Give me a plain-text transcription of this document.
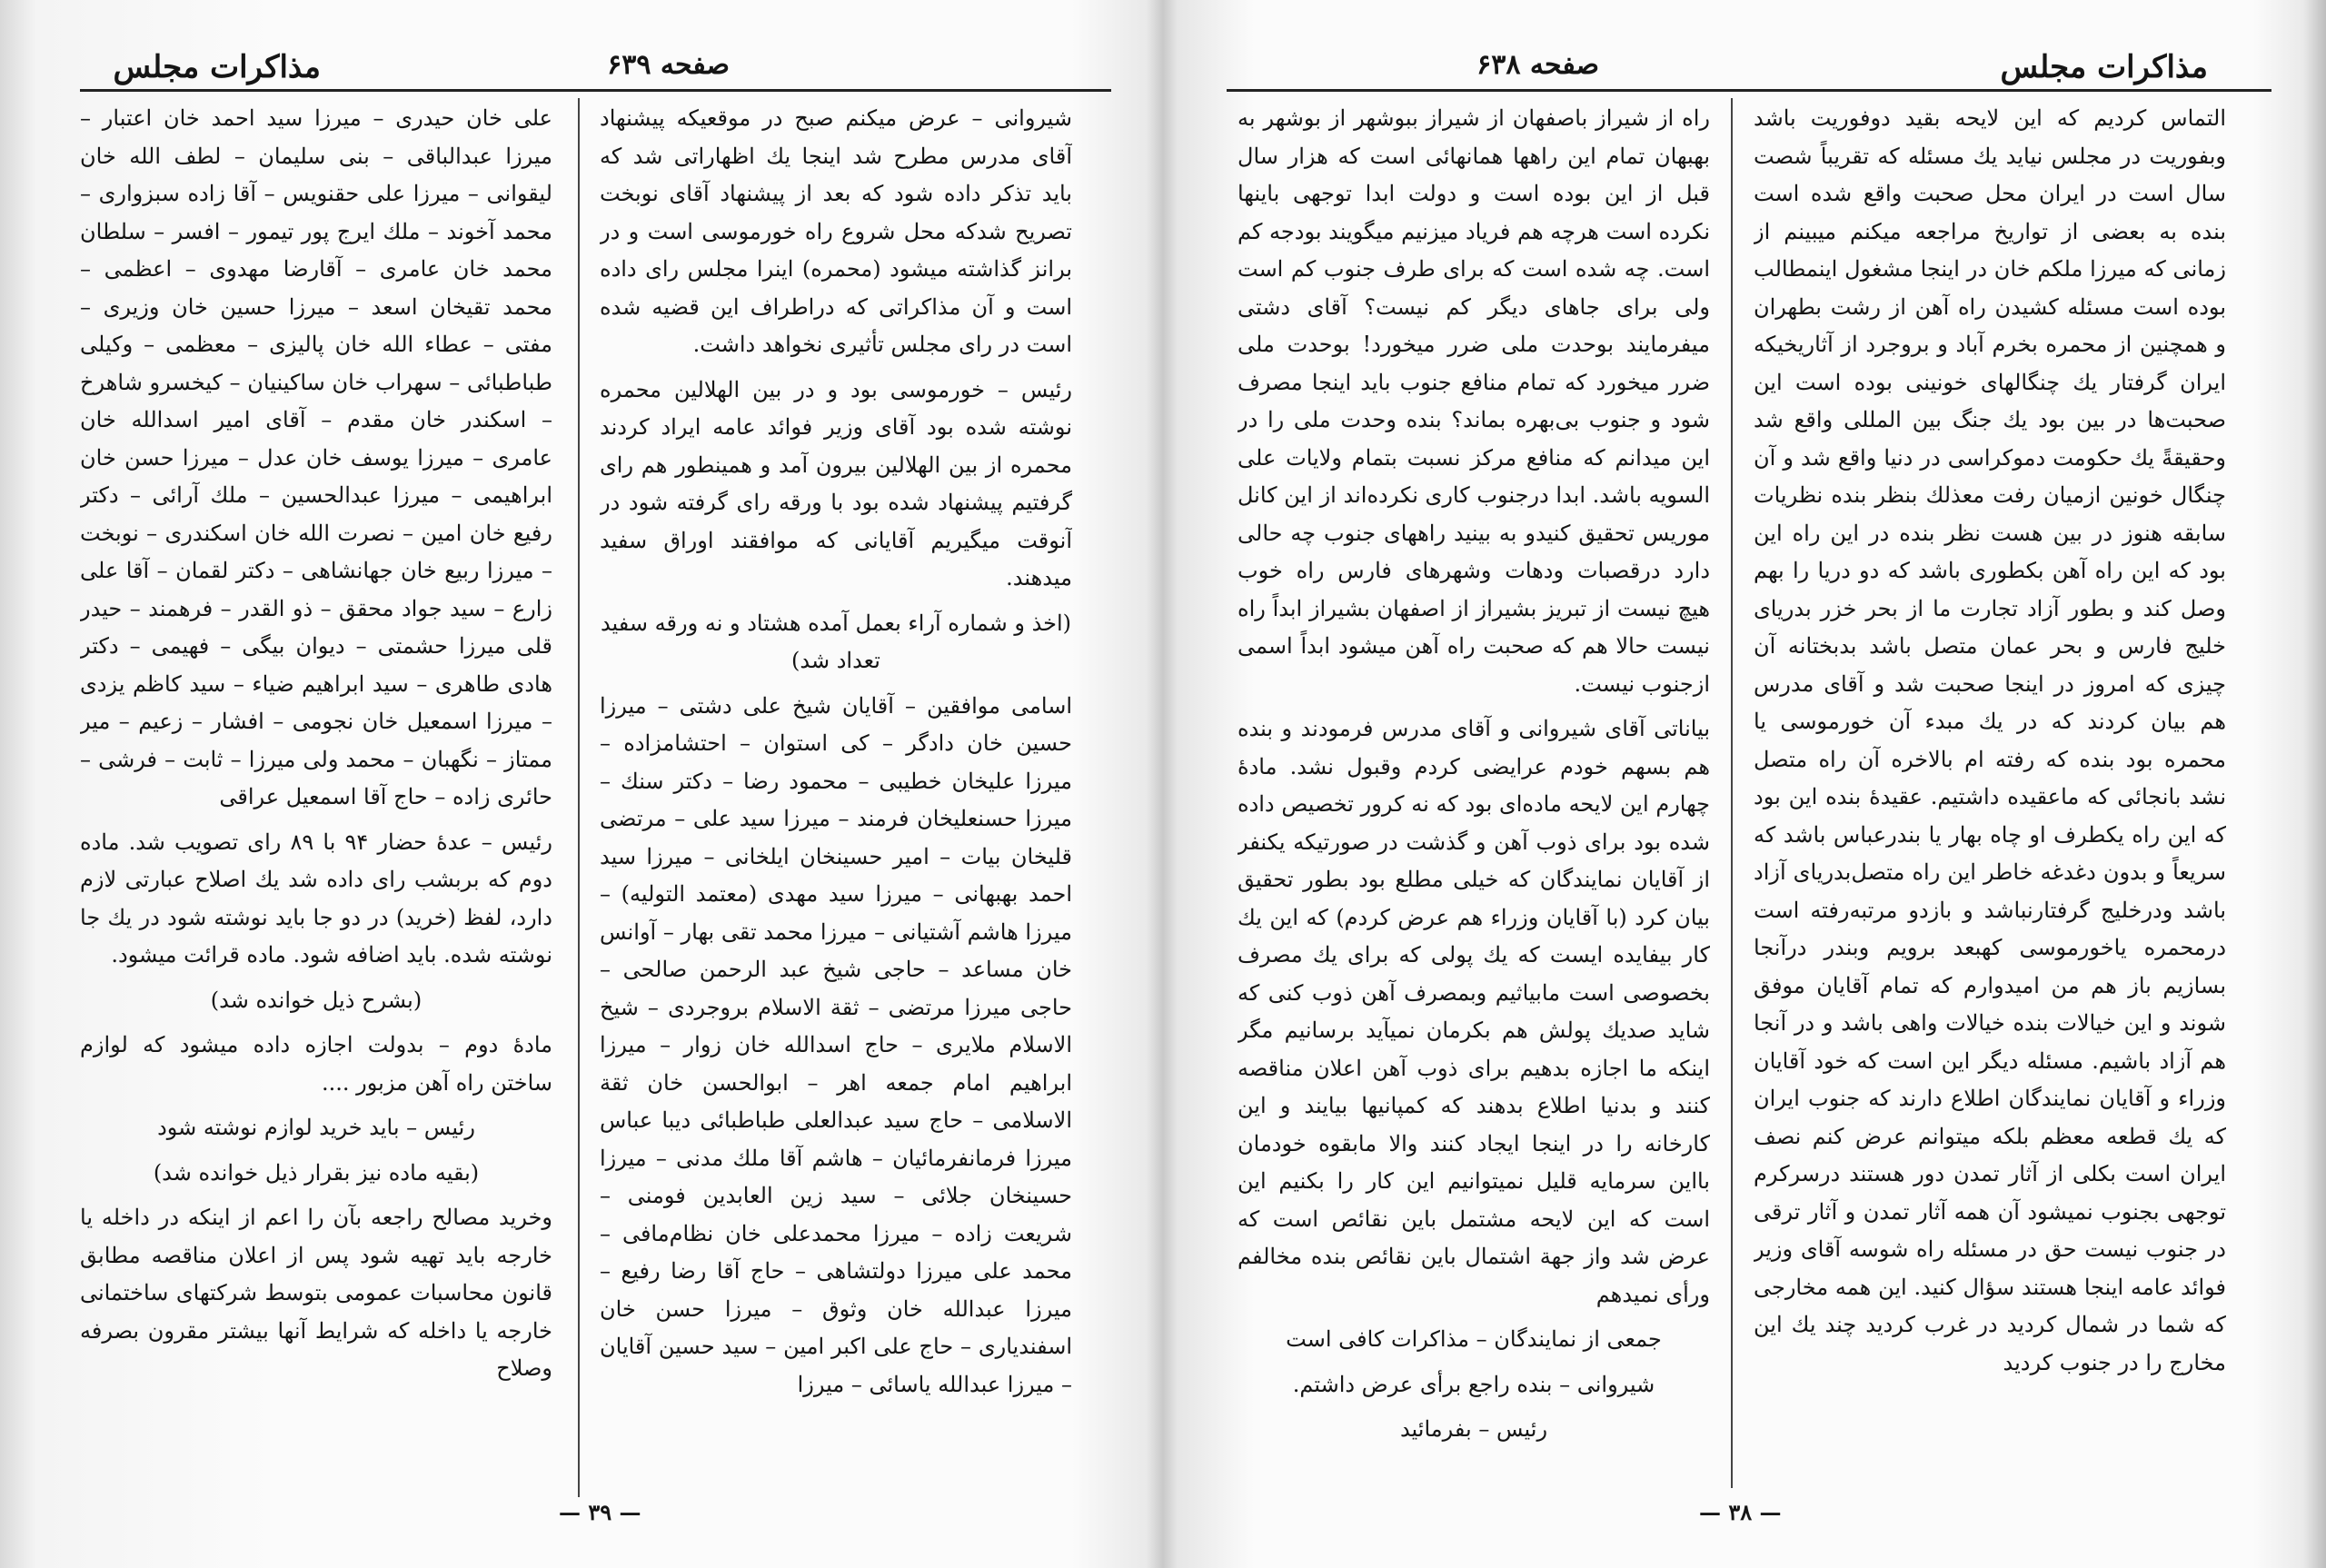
مذاکرات مجلس	صفحه ۶۳۹

شیروانی – عرض میکنم صبح در موقعیکه پیشنهاد آقای مدرس مطرح شد اینجا یك اظهاراتی شد که باید تذکر داده شود که بعد از پیشنهاد آقای نوبخت تصریح شدکه محل شروع راه خورموسی است و در برانز گذاشته میشود (محمره) اینرا مجلس رای داده است و آن مذاکراتی که دراطراف این قضیه شده است در رای مجلس تأثیری نخواهد داشت.

رئیس – خورموسی بود و در بین الهلالین محمره نوشته شده بود آقای وزیر فوائد عامه ایراد کردند محمره از بین الهلالین بیرون آمد و همینطور هم رای گرفتیم پیشنهاد شده بود با ورقه رای گرفته شود در آنوقت میگیریم آقایانی که موافقند اوراق سفید میدهند.

(اخذ و شماره آراء بعمل آمده هشتاد و نه ورقه سفید تعداد شد)

اسامی موافقین – آقایان شیخ علی دشتی – میرزا حسین خان دادگر – کی استوان – احتشامزاده – میرزا علیخان خطیبی – محمود رضا – دکتر سنك – میرزا حسنعلیخان فرمند – میرزا سید علی – مرتضی قلیخان بیات – امیر حسینخان ایلخانی – میرزا سید احمد بهبهانی – میرزا سید مهدی (معتمد التولیه) – میرزا هاشم آشتیانی – میرزا محمد تقی بهار – آوانس خان مساعد – حاجی شیخ عبد الرحمن صالحی – حاجی میرزا مرتضی – ثقة الاسلام بروجردی – شیخ الاسلام ملایری – حاج اسدالله خان زوار – میرزا ابراهیم امام جمعه اهر – ابوالحسن خان ثقة الاسلامی – حاج سید عبدالعلی طباطبائی دیبا عباس میرزا فرمانفرمائیان – هاشم آقا ملك مدنی – میرزا حسینخان جلائی – سید زین العابدین فومنی – شریعت زاده – میرزا محمدعلی خان نظام‌مافی – محمد علی میرزا دولتشاهی – حاج آقا رضا رفیع – میرزا عبدالله خان وثوق – میرزا حسن خان اسفندیاری – حاج علی اکبر امین – سید حسین آقایان – میرزا عبدالله یاسائی – میرزا

علی خان حیدری – میرزا سید احمد خان اعتبار – میرزا عبدالباقی – بنی سلیمان – لطف الله خان لیقوانی – میرزا علی حقنویس – آقا زاده سبزواری – محمد آخوند – ملك ایرج پور تیمور – افسر – سلطان محمد خان عامری – آقارضا مهدوی – اعظمی – محمد تقیخان اسعد – میرزا حسین خان وزیری – مفتی – عطاء الله خان پالیزی – معظمی – وکیلی طباطبائی – سهراب خان ساکینیان – کیخسرو شاهرخ – اسکندر خان مقدم – آقای امیر اسدالله خان عامری – میرزا یوسف خان عدل – میرزا حسن خان ابراهیمی – میرزا عبدالحسین – ملك آرائی – دکتر رفیع خان امین – نصرت الله خان اسکندری – نوبخت – میرزا ربیع خان جهانشاهی – دکتر لقمان – آقا علی زارع – سید جواد محقق – ذو القدر – فرهمند – حیدر قلی میرزا حشمتی – دیوان بیگی – فهیمی – دکتر هادی طاهری – سید ابراهیم ضیاء – سید کاظم یزدی – میرزا اسمعیل خان نجومی – افشار – زعیم – میر ممتاز – نگهبان – محمد ولی میرزا – ثابت – فرشی – حائری زاده – حاج آقا اسمعیل عراقی

رئیس – عدهٔ حضار ۹۴ با ۸۹ رای تصویب شد. ماده دوم که بربشب رای داده شد یك اصلاح عبارتی لازم دارد، لفظ (خرید) در دو جا باید نوشته شود در یك جا نوشته شده. باید اضافه شود. ماده قرائت میشود.

(بشرح ذیل خوانده شد)

مادهٔ دوم – بدولت اجازه داده میشود که لوازم ساختن راه آهن مزبور ....

رئیس – باید خرید لوازم نوشته شود

(بقیه ماده نیز بقرار ذیل خوانده شد)

وخرید مصالح راجعه بآن را اعم از اینکه در داخله یا خارجه باید تهیه شود پس از اعلان مناقصه مطابق قانون محاسبات عمومی بتوسط شرکتهای ساختمانی خارجه یا داخله که شرایط آنها بیشتر مقرون بصرفه وصلاح

— ۳۹ —
مذاکرات مجلس
صفحه ۶۳۸

التماس کردیم که این لایحه بقید دوفوریت باشد وبفوریت در مجلس نیاید یك مسئله که تقریباً شصت سال است در ایران محل صحبت واقع شده است بنده به بعضی از تواریخ مراجعه میکنم میبینم از زمانی که میرزا ملکم خان در اینجا مشغول اینمطالب بوده است مسئله کشیدن راه آهن از رشت بطهران و همچنین از محمره بخرم آباد و بروجرد از آثاریخیکه ایران گرفتار یك چنگالهای خونینی بوده است این صحبت‌ها در بین بود یك جنگ بین المللی واقع شد وحقیقةً یك حکومت دموکراسی در دنیا واقع شد و آن چنگال خونین ازمیان رفت معذلك بنظر بنده نظریات سابقه هنوز در بین هست نظر بنده در این راه این بود که این راه آهن بکطوری باشد که دو دریا را بهم وصل کند و بطور آزاد تجارت ما از بحر خزر بدریای خلیج فارس و بحر عمان متصل باشد بدبختانه آن چیزی که امروز در اینجا صحبت شد و آقای مدرس هم بیان کردند که در یك مبدء آن خورموسی یا محمره بود بنده که رفته ام بالاخره آن راه متصل نشد بانجائی که ماعقیده داشتیم. عقیدهٔ بنده این بود که این راه یکطرف او چاه بهار یا بندرعباس باشد که سریعاً و بدون دغدغه خاطر این راه متصل‌بدریای آزاد باشد ودرخلیج گرفتارنباشد و بازدو مرتبه‌رفته است درمحمره یاخورموسی کهبعد برویم وبندر درآنجا بسازیم باز هم من امیدوارم که تمام آقایان موفق شوند و این خیالات بنده خیالات واهی باشد و در آنجا هم آزاد باشیم. مسئله دیگر این است که خود آقایان وزراء و آقایان نمایندگان اطلاع دارند که جنوب ایران که یك قطعه معظم بلکه میتوانم عرض کنم نصف ایران است بکلی از آثار تمدن دور هستند درسرکرم توجهی بجنوب نمیشود آن همه آثار تمدن و آثار ترقی در جنوب نیست حق در مسئله راه شوسه آقای وزیر فوائد عامه اینجا هستند سؤال کنید. این همه مخارجی که شما در شمال کردید در غرب کردید چند یك این مخارج را در جنوب کردید

راه از شیراز باصفهان از شیراز ببوشهر از بوشهر به بهبهان تمام این راهها همانهائی است که هزار سال قبل از این بوده است و دولت ابدا توجهی باینها نکرده است هرچه هم فریاد میزنیم میگویند بودجه کم است. چه شده است که برای طرف جنوب کم است ولی برای جاهای دیگر کم نیست؟ آقای دشتی میفرمایند بوحدت ملی ضرر میخورد! بوحدت ملی ضرر میخورد که تمام منافع جنوب باید اینجا مصرف شود و جنوب بی‌بهره بماند؟ بنده وحدت ملی را در این میدانم که منافع مرکز نسبت بتمام ولایات علی السویه باشد. ابدا درجنوب کاری نکرده‌اند از این کانل موریس تحقیق کنیدو به بینید راههای جنوب چه حالی دارد درقصبات ودهات وشهرهای فارس راه خوب هیچ نیست از تبریز بشیراز از اصفهان بشیراز ابداً راه نیست حالا هم که صحبت راه آهن میشود ابداً اسمی ازجنوب نیست.

بیاناتی آقای شیروانی و آقای مدرس فرمودند و بنده هم بسهم خودم عرایضی کردم وقبول نشد. مادهٔ چهارم این لایحه ماده‌ای بود که نه کرور تخصیص داده شده بود برای ذوب آهن و گذشت در صورتیکه یکنفر از آقایان نمایندگان که خیلی مطلع بود بطور تحقیق بیان کرد (با آقایان وزراء هم عرض کردم) که این یك کار بیفایده ایست که یك پولی که برای یك مصرف بخصوصی است مابیاثیم وبمصرف آهن ذوب کنی که شاید صدیك پولش هم بکرمان نمیآید برسانیم مگر اینکه ما اجازه بدهیم برای ذوب آهن اعلان مناقصه کنند و بدنیا اطلاع بدهند که کمپانیها بیایند و این کارخانه را در اینجا ایجاد کنند والا مابقوه خودمان بااین سرمایه قلیل نمیتوانیم این کار را بکنیم این است که این لایحه مشتمل باین نقائص است که عرض شد واز جهة اشتمال باین نقائص بنده مخالفم ورأی نمیدهم

جمعی از نمایندگان – مذاکرات کافی است

شیروانی – بنده راجع برأی عرض داشتم.

رئیس – بفرمائید

— ۳۸ —
